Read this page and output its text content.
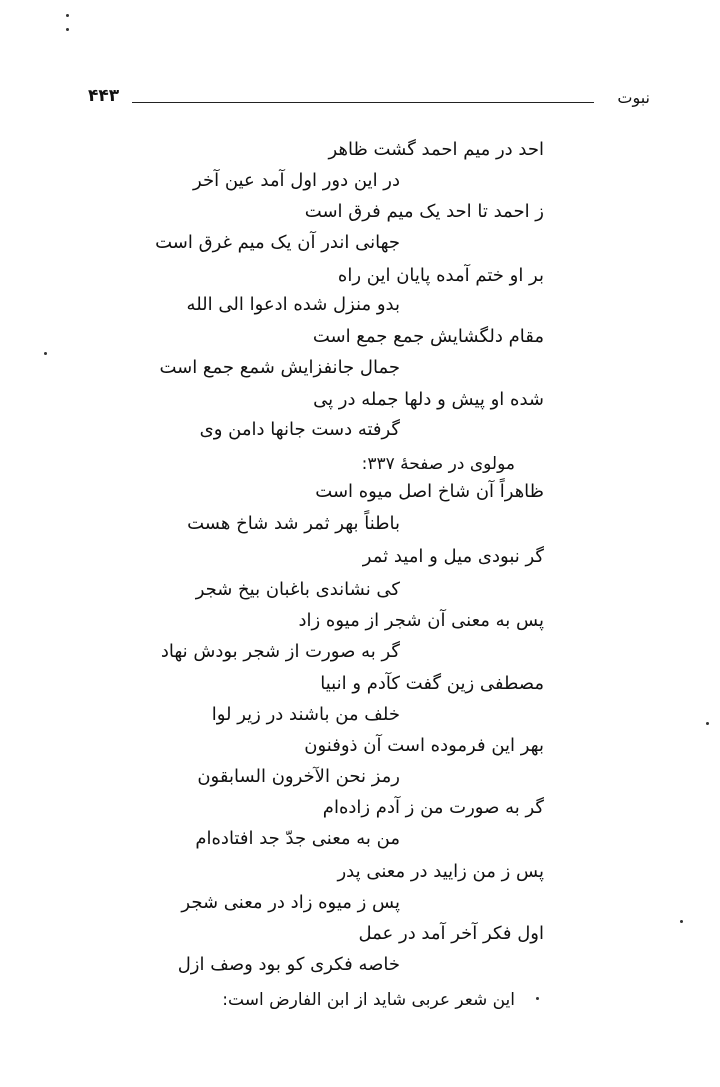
۴۴۳	نبوت
احد در میم احمد گشت ظاهر
در این دور اول آمد عین آخر
ز احمد تا احد یک میم فرق است
جهانی اندر آن یک میم غرق است
بر او ختم آمده پایان این راه
بدو منزل شده ادعوا الی الله
مقام دلگشایش جمع جمع است
جمال جانفزایش شمع جمع است
شده او پیش و دلها جمله در پی
گرفته دست جانها دامن وی
مولوی در صفحهٔ ۳۳۷:
ظاهراً آن شاخ اصل میوه است
باطناً بهر ثمر شد شاخ هست
گر نبودی میل و امید ثمر
کی نشاندی باغبان بیخ شجر
پس به معنی آن شجر از میوه زاد
گر به صورت از شجر بودش نهاد
مصطفی زین گفت کآدم و انبیا
خلف من باشند در زیر لوا
بهر این فرموده است آن ذوفنون
رمز نحن الآخرون السابقون
گر به صورت من ز آدم زاده‌ام
من به معنی جدّ جد افتاده‌ام
پس ز من زایید در معنی پدر
پس ز میوه زاد در معنی شجر
اول فکر آخر آمد در عمل
خاصه فکری کو بود وصف ازل
این شعر عربی شاید از ابن الفارض است:
